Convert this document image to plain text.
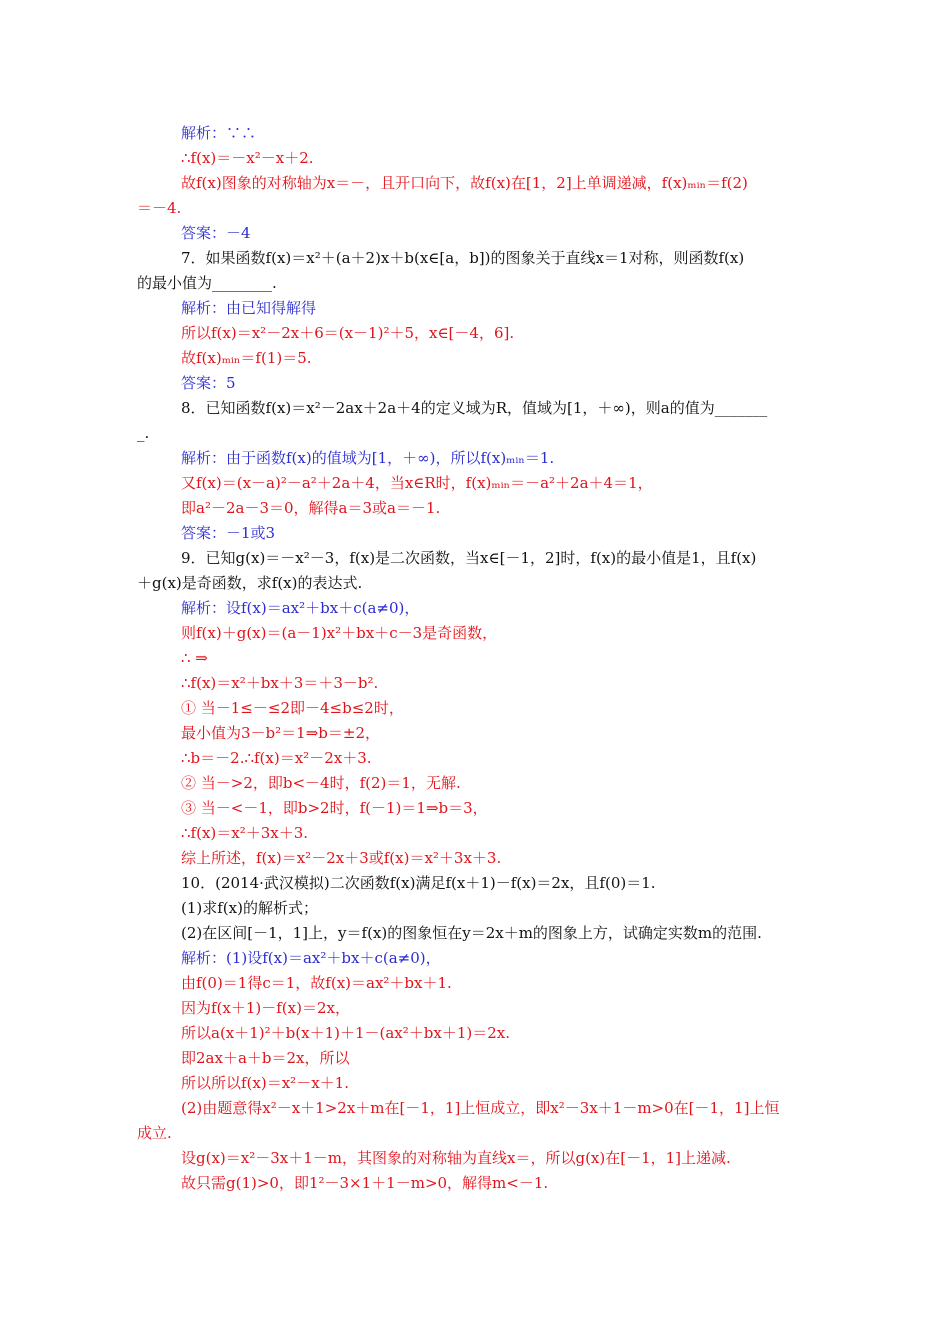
解析：∵∴
∴f(x)＝－x²－x＋2.
故f(x)图象的对称轴为x＝－，且开口向下，故f(x)在[1，2]上单调递减，f(x)ₘᵢₙ＝f(2)
＝－4.
答案：－4
7．如果函数f(x)＝x²＋(a＋2)x＋b(x∈[a，b])的图象关于直线x＝1对称，则函数f(x)
的最小值为________.
解析：由已知得解得
所以f(x)＝x²－2x＋6＝(x－1)²＋5，x∈[－4，6].
故f(x)ₘᵢₙ＝f(1)＝5.
答案：5
8．已知函数f(x)＝x²－2ax＋2a＋4的定义域为R，值域为[1，＋∞)，则a的值为_______
_.
解析：由于函数f(x)的值域为[1，＋∞)，所以f(x)ₘᵢₙ＝1.
又f(x)＝(x－a)²－a²＋2a＋4，当x∈R时，f(x)ₘᵢₙ＝－a²＋2a＋4＝1，
即a²－2a－3＝0，解得a＝3或a＝－1.
答案：－1或3
9．已知g(x)＝－x²－3，f(x)是二次函数，当x∈[－1，2]时，f(x)的最小值是1，且f(x)
＋g(x)是奇函数，求f(x)的表达式.
解析：设f(x)＝ax²＋bx＋c(a≠0)，
则f(x)＋g(x)＝(a－1)x²＋bx＋c－3是奇函数，
∴ ⇒
∴f(x)＝x²＋bx＋3＝＋3－b².
① 当－1≤－≤2即－4≤b≤2时，
最小值为3－b²＝1⇒b＝±2，
∴b＝－2.∴f(x)＝x²－2x＋3.
② 当－>2，即b<－4时，f(2)＝1，无解.
③ 当－<－1，即b>2时，f(－1)＝1⇒b＝3，
∴f(x)＝x²＋3x＋3.
综上所述，f(x)＝x²－2x＋3或f(x)＝x²＋3x＋3.
10．(2014·武汉模拟)二次函数f(x)满足f(x＋1)－f(x)＝2x，且f(0)＝1.
(1)求f(x)的解析式；
(2)在区间[－1，1]上，y＝f(x)的图象恒在y＝2x＋m的图象上方，试确定实数m的范围.
解析：(1)设f(x)＝ax²＋bx＋c(a≠0)，
由f(0)＝1得c＝1，故f(x)＝ax²＋bx＋1.
因为f(x＋1)－f(x)＝2x，
所以a(x＋1)²＋b(x＋1)＋1－(ax²＋bx＋1)＝2x.
即2ax＋a＋b＝2x，所以
所以所以f(x)＝x²－x＋1.
(2)由题意得x²－x＋1>2x＋m在[－1，1]上恒成立，即x²－3x＋1－m>0在[－1，1]上恒
成立.
设g(x)＝x²－3x＋1－m，其图象的对称轴为直线x＝，所以g(x)在[－1，1]上递减.
故只需g(1)>0，即1²－3×1＋1－m>0，解得m<－1.
